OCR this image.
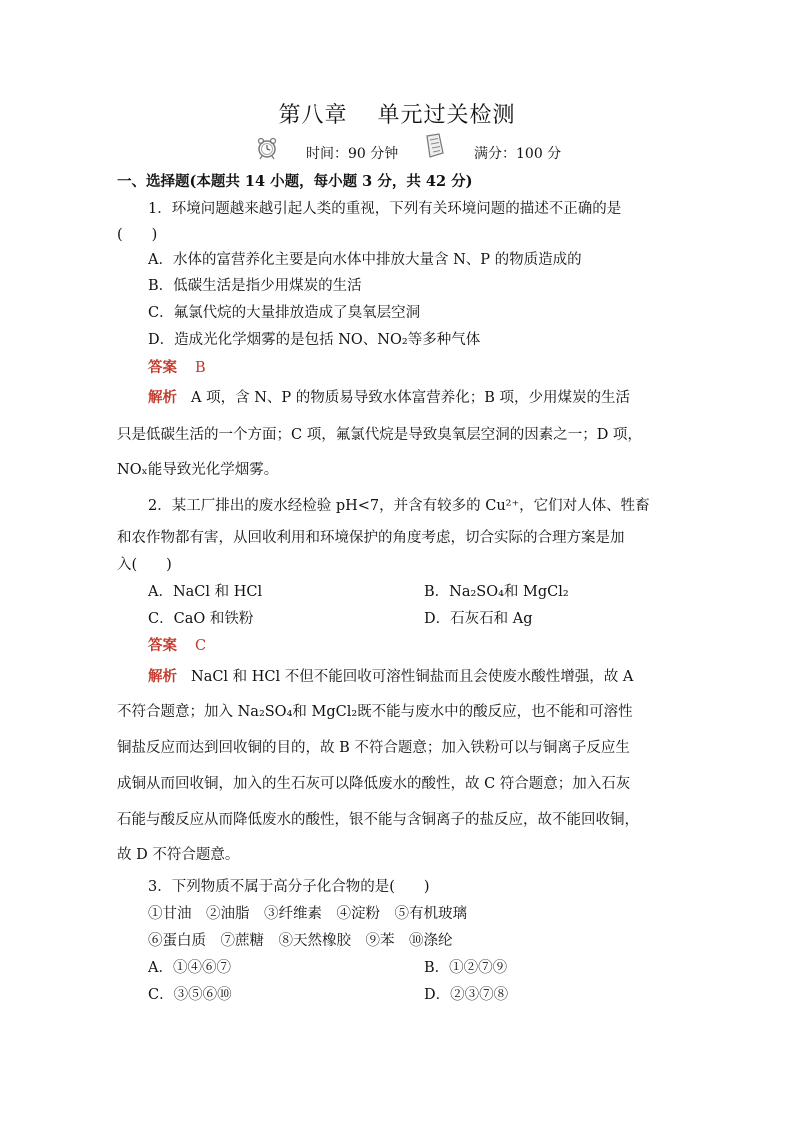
第八章 单元过关检测
时间：90 分钟	满分：100 分
一、选择题(本题共 14 小题，每小题 3 分，共 42 分)
1．环境问题越来越引起人类的重视，下列有关环境问题的描述不正确的是
(　　)
A．水体的富营养化主要是向水体中排放大量含 N、P 的物质造成的
B．低碳生活是指少用煤炭的生活
C．氟氯代烷的大量排放造成了臭氧层空洞
D．造成光化学烟雾的是包括 NO、NO₂等多种气体
答案 B
解析 A 项，含 N、P 的物质易导致水体富营养化；B 项，少用煤炭的生活
只是低碳生活的一个方面；C 项，氟氯代烷是导致臭氧层空洞的因素之一；D 项，
NOₓ能导致光化学烟雾。
2．某工厂排出的废水经检验 pH<7，并含有较多的 Cu²⁺，它们对人体、牲畜
和农作物都有害，从回收利用和环境保护的角度考虑，切合实际的合理方案是加
入(　　)
A．NaCl 和 HCl	B．Na₂SO₄和 MgCl₂
C．CaO 和铁粉	D．石灰石和 Ag
答案 C
解析 NaCl 和 HCl 不但不能回收可溶性铜盐而且会使废水酸性增强，故 A
不符合题意；加入 Na₂SO₄和 MgCl₂既不能与废水中的酸反应，也不能和可溶性
铜盐反应而达到回收铜的目的，故 B 不符合题意；加入铁粉可以与铜离子反应生
成铜从而回收铜，加入的生石灰可以降低废水的酸性，故 C 符合题意；加入石灰
石能与酸反应从而降低废水的酸性，银不能与含铜离子的盐反应，故不能回收铜，
故 D 不符合题意。
3．下列物质不属于高分子化合物的是(　　)
①甘油　②油脂　③纤维素　④淀粉　⑤有机玻璃
⑥蛋白质　⑦蔗糖　⑧天然橡胶　⑨苯　⑩涤纶
A．①④⑥⑦	B．①②⑦⑨
C．③⑤⑥⑩	D．②③⑦⑧
